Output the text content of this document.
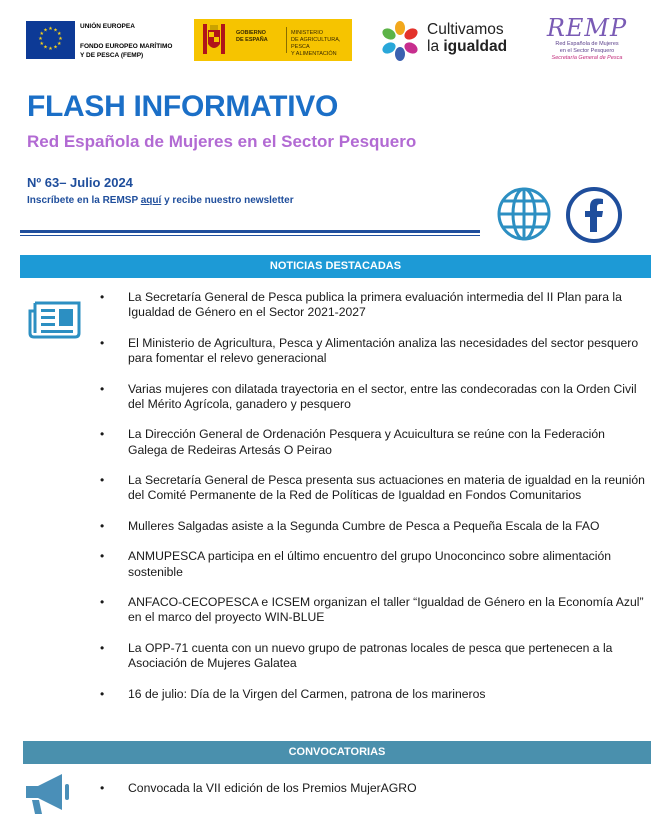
★ ★
★
★
★
★
★
★
★
★
★
★
UNIÓN EUROPEA
FONDO EUROPEO MARÍTIMO
Y DE PESCA (FEMP)
GOBIERNO
DE ESPAÑA
MINISTERIO
DE AGRICULTURA, PESCA
Y ALIMENTACIÓN
Cultivamos
la igualdad
REMP
Red Española de Mujeres
en el Sector Pesquero
Secretaría General de Pesca
FLASH INFORMATIVO
Red Española de Mujeres en el Sector Pesquero
Nº 63– Julio 2024
Inscríbete en la REMSP aquí y recibe nuestro newsletter
NOTICIAS DESTACADAS
• La Secretaría General de Pesca publica la primera evaluación intermedia del II Plan para la Igualdad de Género en el Sector 2021-2027
• El Ministerio de Agricultura, Pesca y Alimentación analiza las necesidades del sector pesquero para fomentar el relevo generacional
• Varias mujeres con dilatada trayectoria en el sector, entre las condecoradas con la Orden Civil del Mérito Agrícola, ganadero y pesquero
• La Dirección General de Ordenación Pesquera y Acuicultura se reúne con la Federación Galega de Redeiras Artesás O Peirao
• La Secretaría General de Pesca presenta sus actuaciones en materia de igualdad en la reunión del Comité Permanente de la Red de Políticas de Igualdad en Fondos Comunitarios
• Mulleres Salgadas asiste a la Segunda Cumbre de Pesca a Pequeña Escala de la FAO
• ANMUPESCA participa en el último encuentro del grupo Unoconcinco sobre alimentación sostenible
• ANFACO-CECOPESCA e ICSEM organizan el taller “Igualdad de Género en la Economía Azul” en el marco del proyecto WIN-BLUE
• La OPP-71 cuenta con un nuevo grupo de patronas locales de pesca que pertenecen a la Asociación de Mujeres Galatea
• 16 de julio: Día de la Virgen del Carmen, patrona de los marineros
CONVOCATORIAS
• Convocada la VII edición de los Premios MujerAGRO
